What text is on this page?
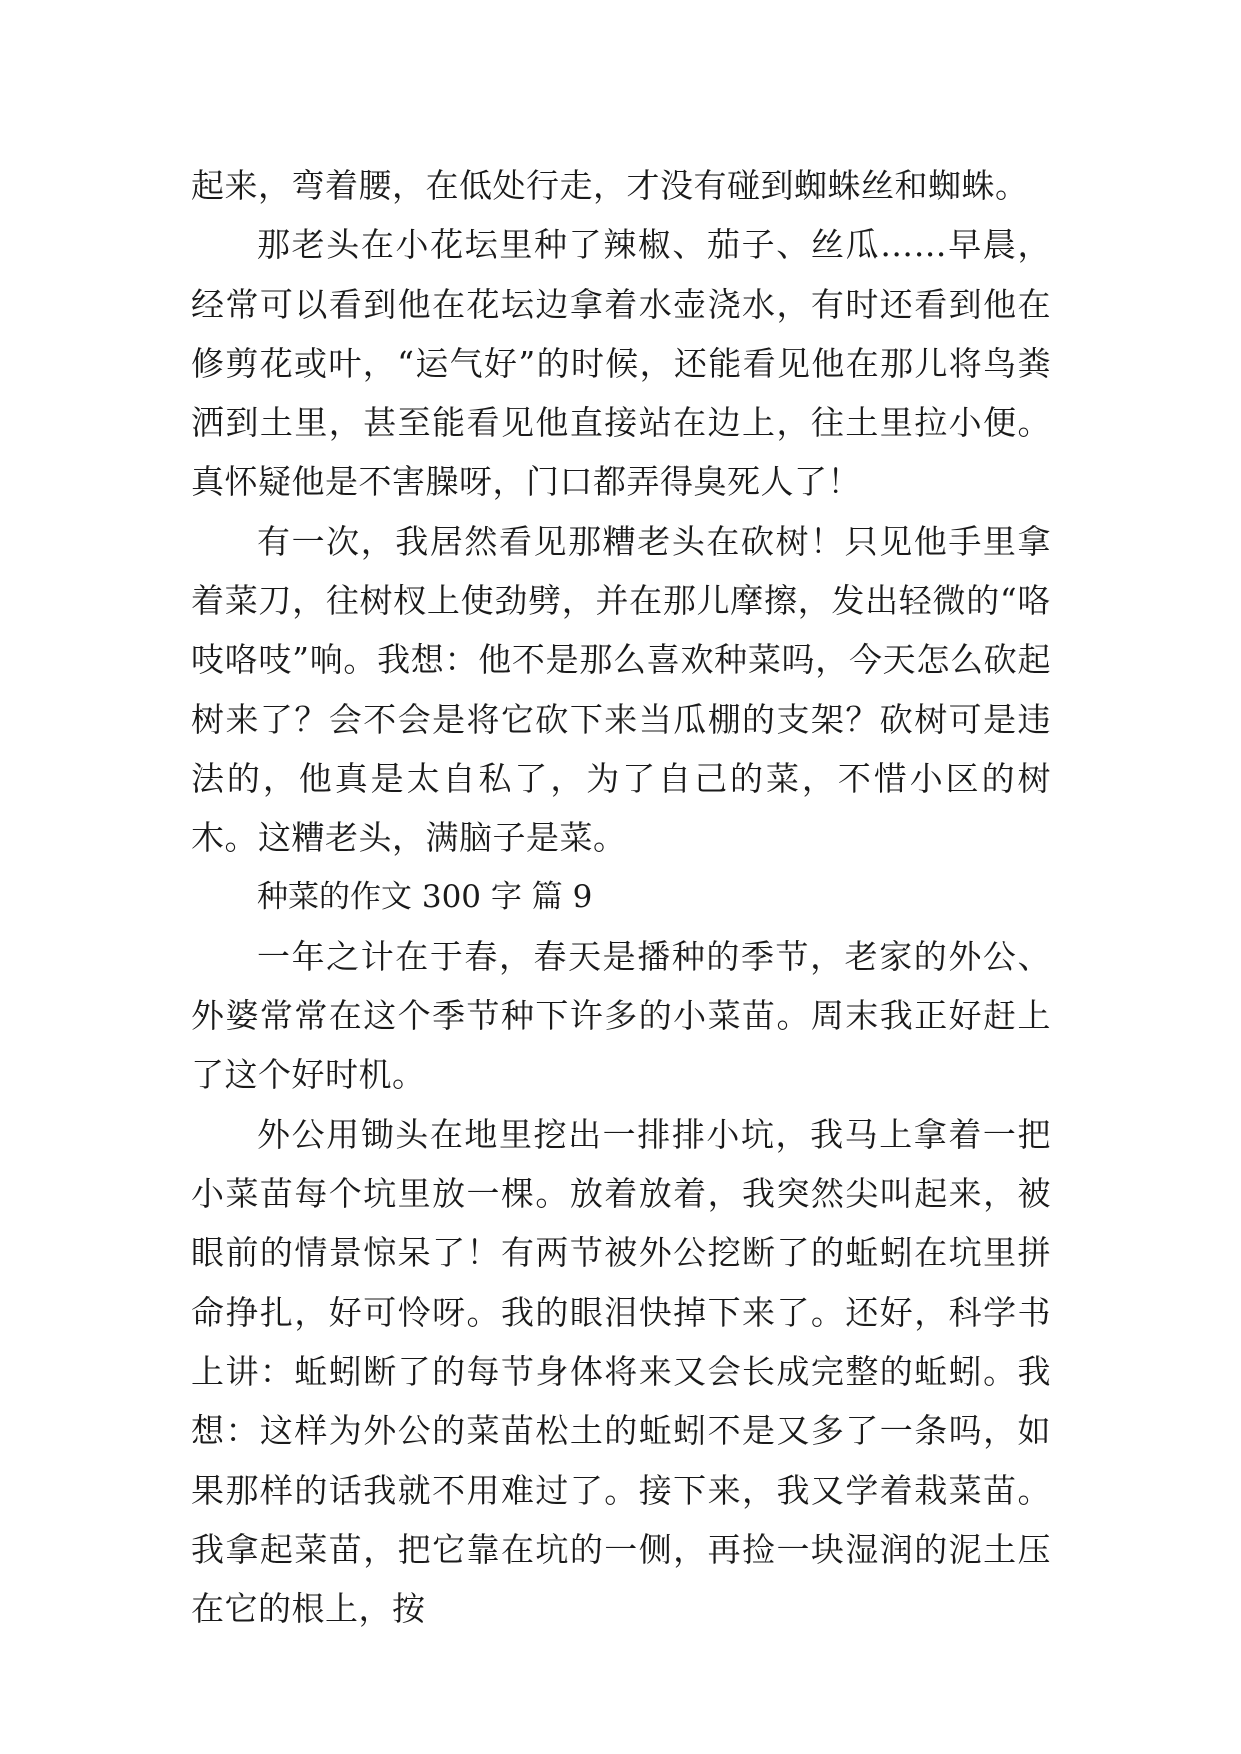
起来，弯着腰，在低处行走，才没有碰到蜘蛛丝和蜘蛛。

那老头在小花坛里种了辣椒、茄子、丝瓜……早晨，经常可以看到他在花坛边拿着水壶浇水，有时还看到他在修剪花或叶，“运气好”的时候，还能看见他在那儿将鸟粪洒到土里，甚至能看见他直接站在边上，往土里拉小便。真怀疑他是不害臊呀，门口都弄得臭死人了！

有一次，我居然看见那糟老头在砍树！只见他手里拿着菜刀，往树杈上使劲劈，并在那儿摩擦，发出轻微的“咯吱咯吱”响。我想：他不是那么喜欢种菜吗，今天怎么砍起树来了？会不会是将它砍下来当瓜棚的支架？砍树可是违法的，他真是太自私了，为了自己的菜，不惜小区的树木。这糟老头，满脑子是菜。

种菜的作文 300 字 篇 9

一年之计在于春，春天是播种的季节，老家的外公、外婆常常在这个季节种下许多的小菜苗。周末我正好赶上了这个好时机。

外公用锄头在地里挖出一排排小坑，我马上拿着一把小菜苗每个坑里放一棵。放着放着，我突然尖叫起来，被眼前的情景惊呆了！有两节被外公挖断了的蚯蚓在坑里拼命挣扎，好可怜呀。我的眼泪快掉下来了。还好，科学书上讲：蚯蚓断了的每节身体将来又会长成完整的蚯蚓。我想：这样为外公的菜苗松土的蚯蚓不是又多了一条吗，如果那样的话我就不用难过了。接下来，我又学着栽菜苗。我拿起菜苗，把它靠在坑的一侧，再捡一块湿润的泥土压在它的根上，按
